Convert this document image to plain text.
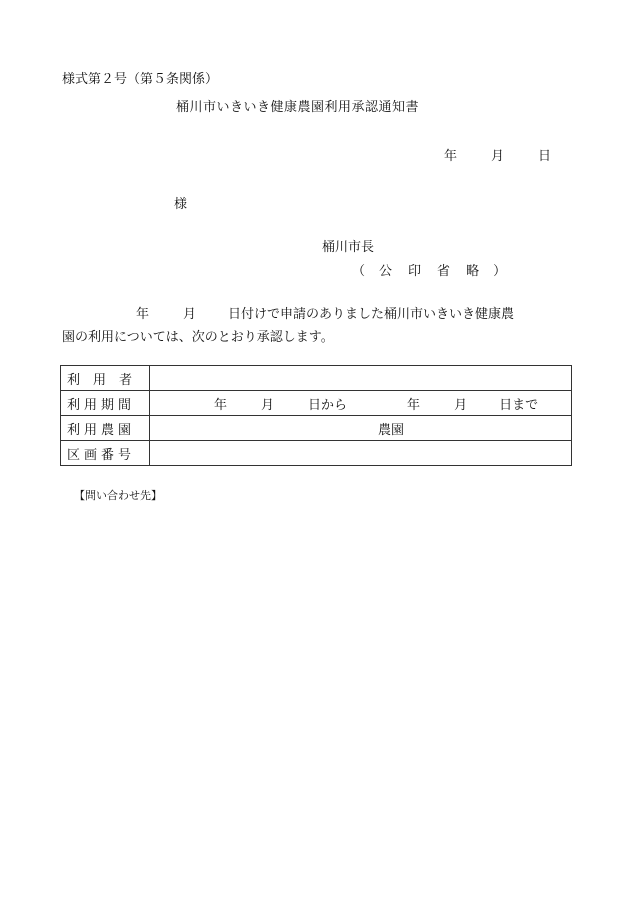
様式第２号（第５条関係）
桶川市いきいき健康農園利用承認通知書
年	月	日
様
桶川市長
（ 公 印 省 略 ）
年	月 日付けで申請のありました桶川市いきいき健康農
園の利用については、次のとおり承認します。
利　用　者	
利用期間	年 月 日から 年 月 日まで
利用農園	農園
区画番号	
【問い合わせ先】
